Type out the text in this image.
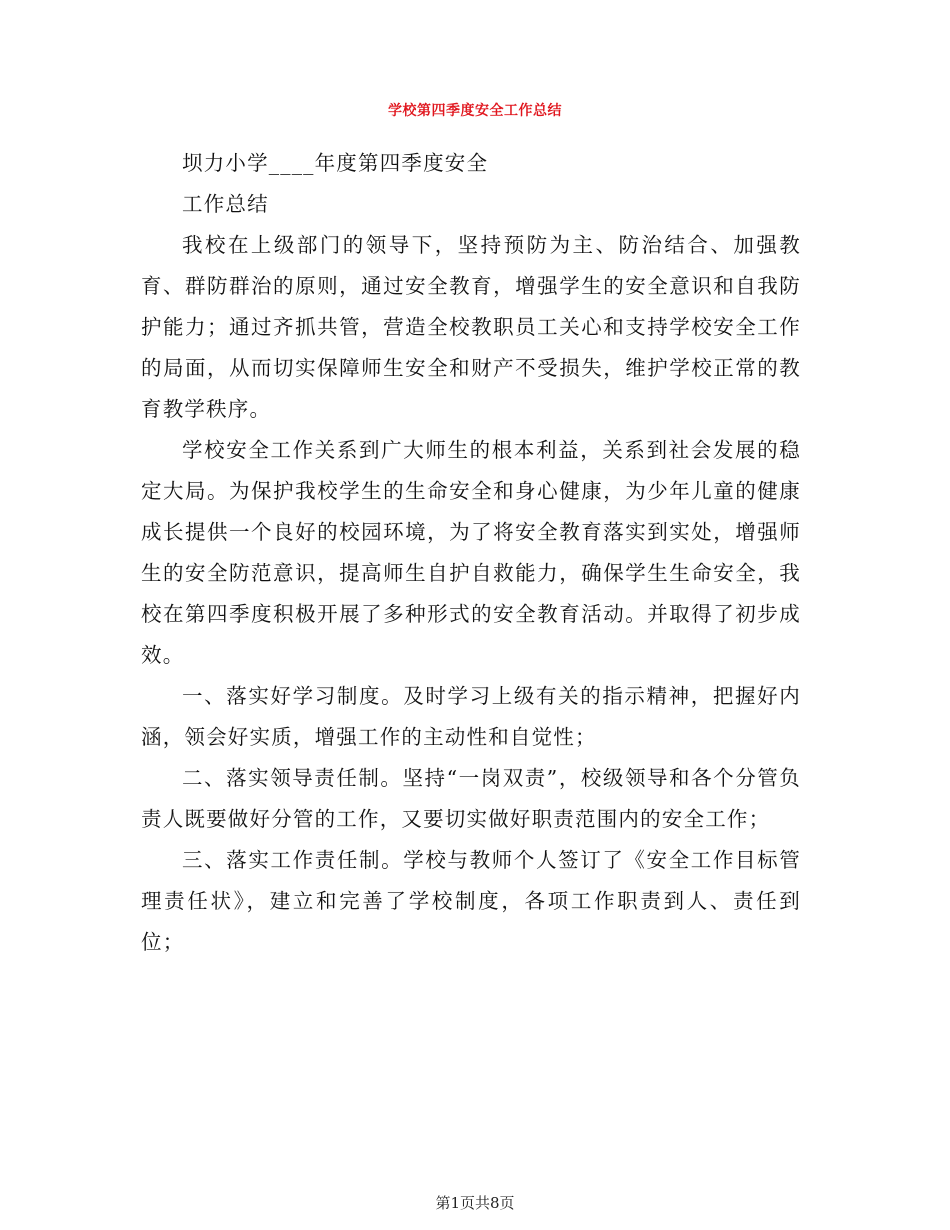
学校第四季度安全工作总结

坝力小学____年度第四季度安全

工作总结

我校在上级部门的领导下，坚持预防为主、防治结合、加强教育、群防群治的原则，通过安全教育，增强学生的安全意识和自我防护能力；通过齐抓共管，营造全校教职员工关心和支持学校安全工作的局面，从而切实保障师生安全和财产不受损失，维护学校正常的教育教学秩序。

学校安全工作关系到广大师生的根本利益，关系到社会发展的稳定大局。为保护我校学生的生命安全和身心健康，为少年儿童的健康成长提供一个良好的校园环境，为了将安全教育落实到实处，增强师生的安全防范意识，提高师生自护自救能力，确保学生生命安全，我校在第四季度积极开展了多种形式的安全教育活动。并取得了初步成效。

一、落实好学习制度。及时学习上级有关的指示精神，把握好内涵，领会好实质，增强工作的主动性和自觉性；

二、落实领导责任制。坚持“一岗双责”，校级领导和各个分管负责人既要做好分管的工作，又要切实做好职责范围内的安全工作；

三、落实工作责任制。学校与教师个人签订了《安全工作目标管理责任状》，建立和完善了学校制度，各项工作职责到人、责任到位；

第1页共8页
